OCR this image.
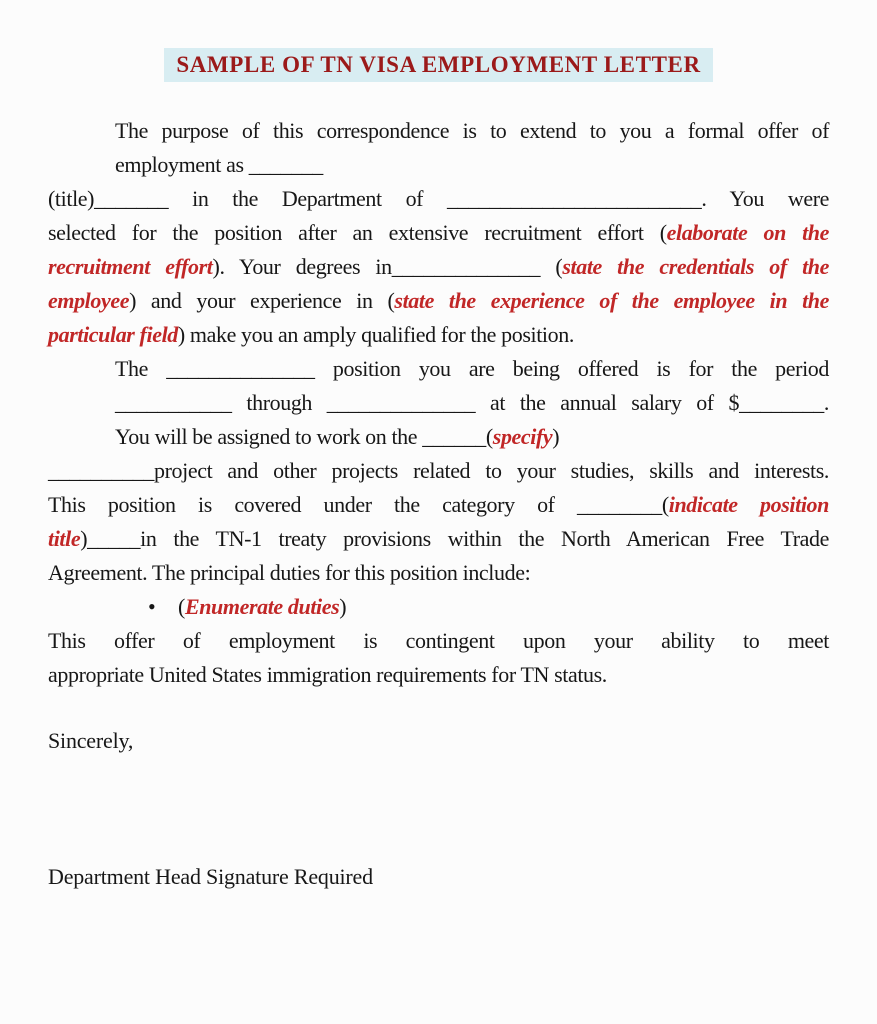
SAMPLE OF TN VISA EMPLOYMENT LETTER
The purpose of this correspondence is to extend to you a formal offer of
employment as _______
(title)_______ in the Department of ________________________. You were
selected for the position after an extensive recruitment effort (elaborate on the
recruitment effort). Your degrees in______________ (state the credentials of the
employee) and your experience in (state the experience of the employee in the
particular field) make you an amply qualified for the position.
The ______________ position you are being offered is for the period
___________ through ______________ at the annual salary of $________.
You will be assigned to work on the ______(specify)
__________project and other projects related to your studies, skills and interests.
This position is covered under the category of ________(indicate position
title)_____in the TN-1 treaty provisions within the North American Free Trade
Agreement. The principal duties for this position include:
• (Enumerate duties)
This offer of employment is contingent upon your ability to meet
appropriate United States immigration requirements for TN status.
Sincerely,
Department Head Signature Required
